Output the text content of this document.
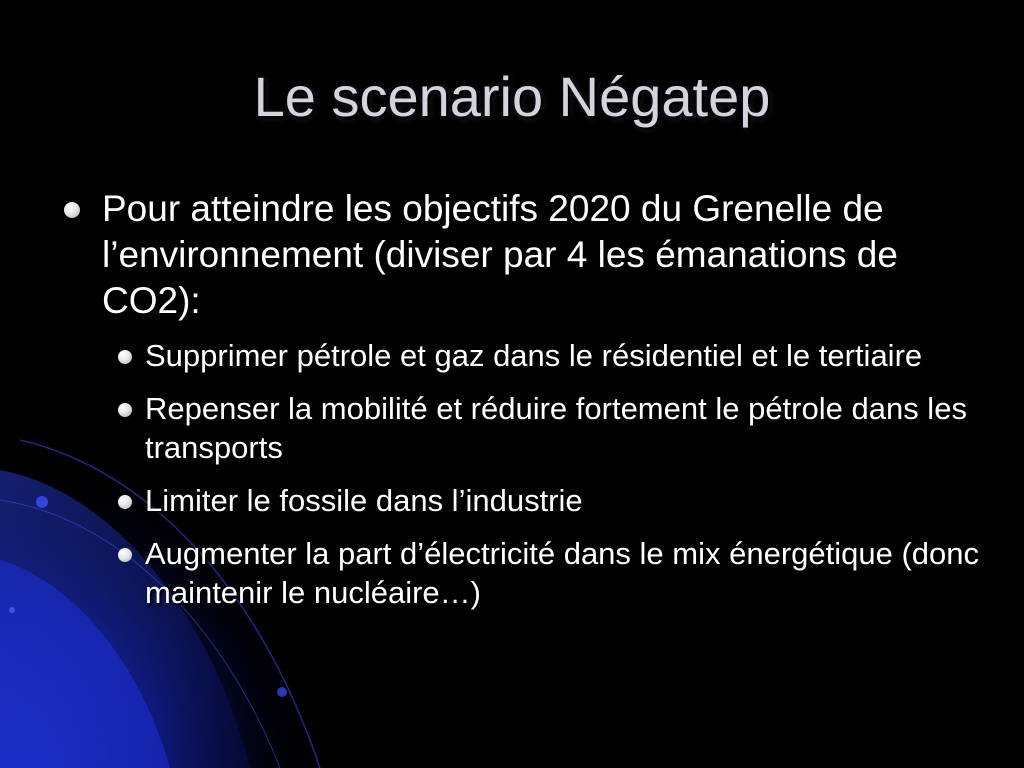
Le scenario Négatep
Pour atteindre les objectifs 2020 du Grenelle de l’environnement (diviser par 4 les émanations de CO2):
Supprimer pétrole et gaz dans le résidentiel et le tertiaire
Repenser la mobilité et réduire fortement le pétrole dans les transports
Limiter le fossile dans l’industrie
Augmenter la part d’électricité dans le mix énergétique (donc maintenir le nucléaire…)
